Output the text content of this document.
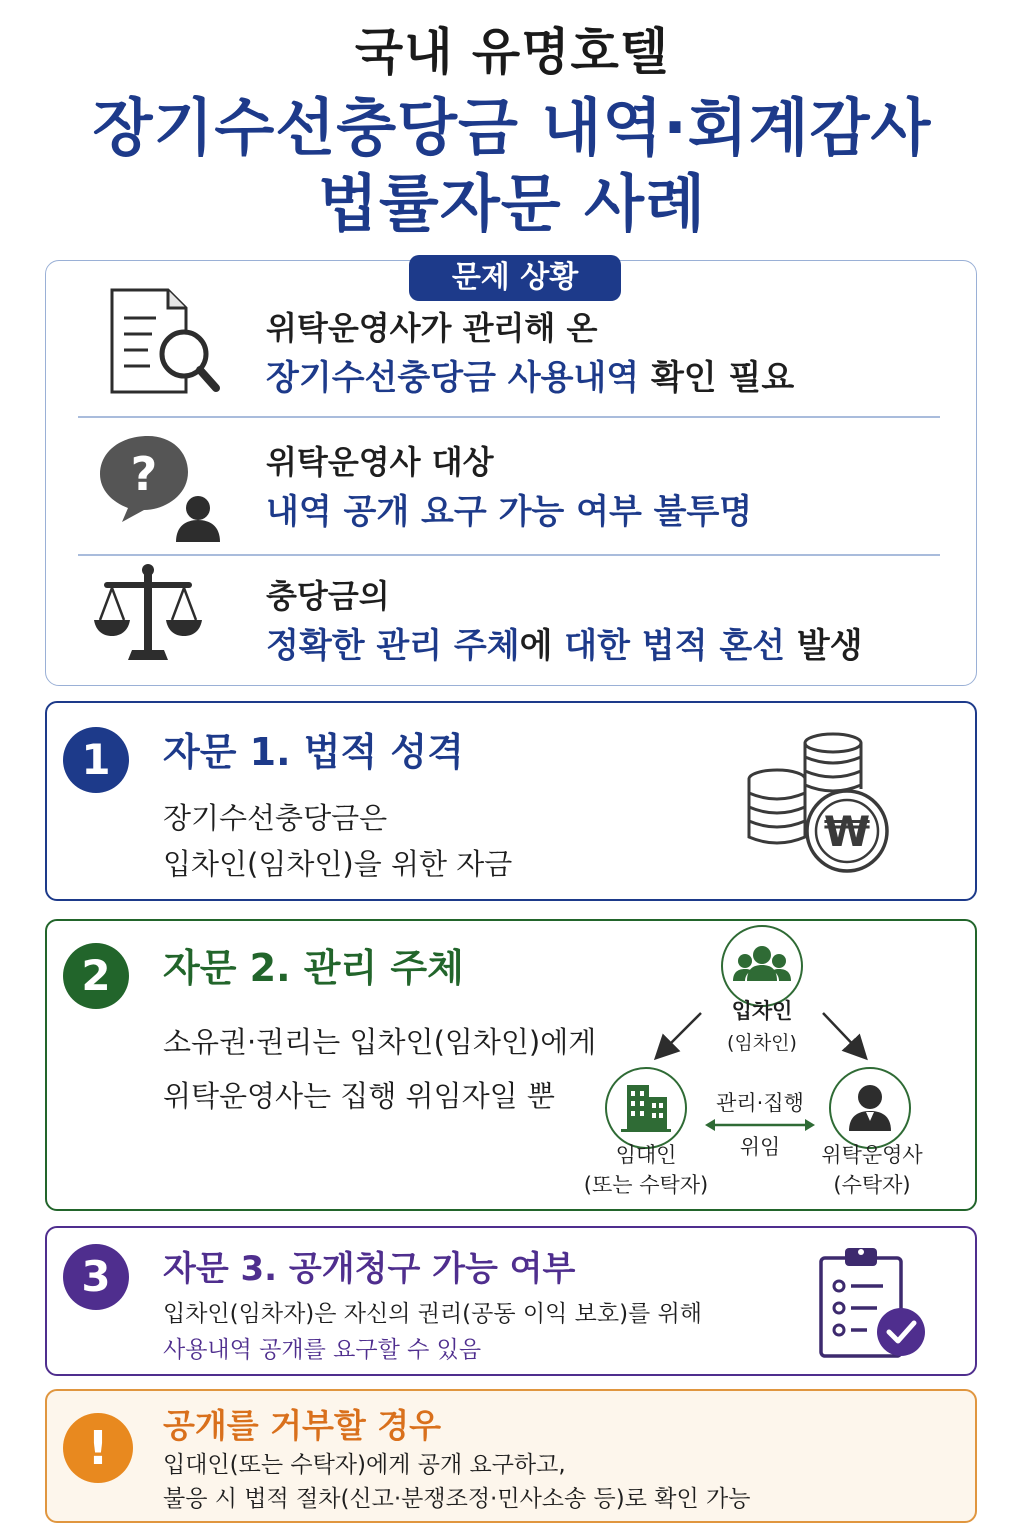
국내 유명호텔
장기수선충당금 내역·회계감사
법률자문 사례
문제 상황
위탁운영사가 관리해 온
장기수선충당금 사용내역 확인 필요
?	위탁운영사 대상
내역 공개 요구 가능 여부 불투명
충당금의
정확한 관리 주체에 대한 법적 혼선 발생
1	자문 1. 법적 성격
장기수선충당금은
입차인(임차인)을 위한 자금
₩
2	자문 2. 관리 주체
소유권·권리는 입차인(임차인)에게
위탁운영사는 집행 위임자일 뿐
입차인
(임차인)
임대인
(또는 수탁자)
관리·집행
위임	위탁운영사
(수탁자)
3	자문 3. 공개청구 가능 여부
입차인(임차자)은 자신의 권리(공동 이익 보호)를 위해
사용내역 공개를 요구할 수 있음
!	공개를 거부할 경우
입대인(또는 수탁자)에게 공개 요구하고,
불응 시 법적 절차(신고·분쟁조정·민사소송 등)로 확인 가능
